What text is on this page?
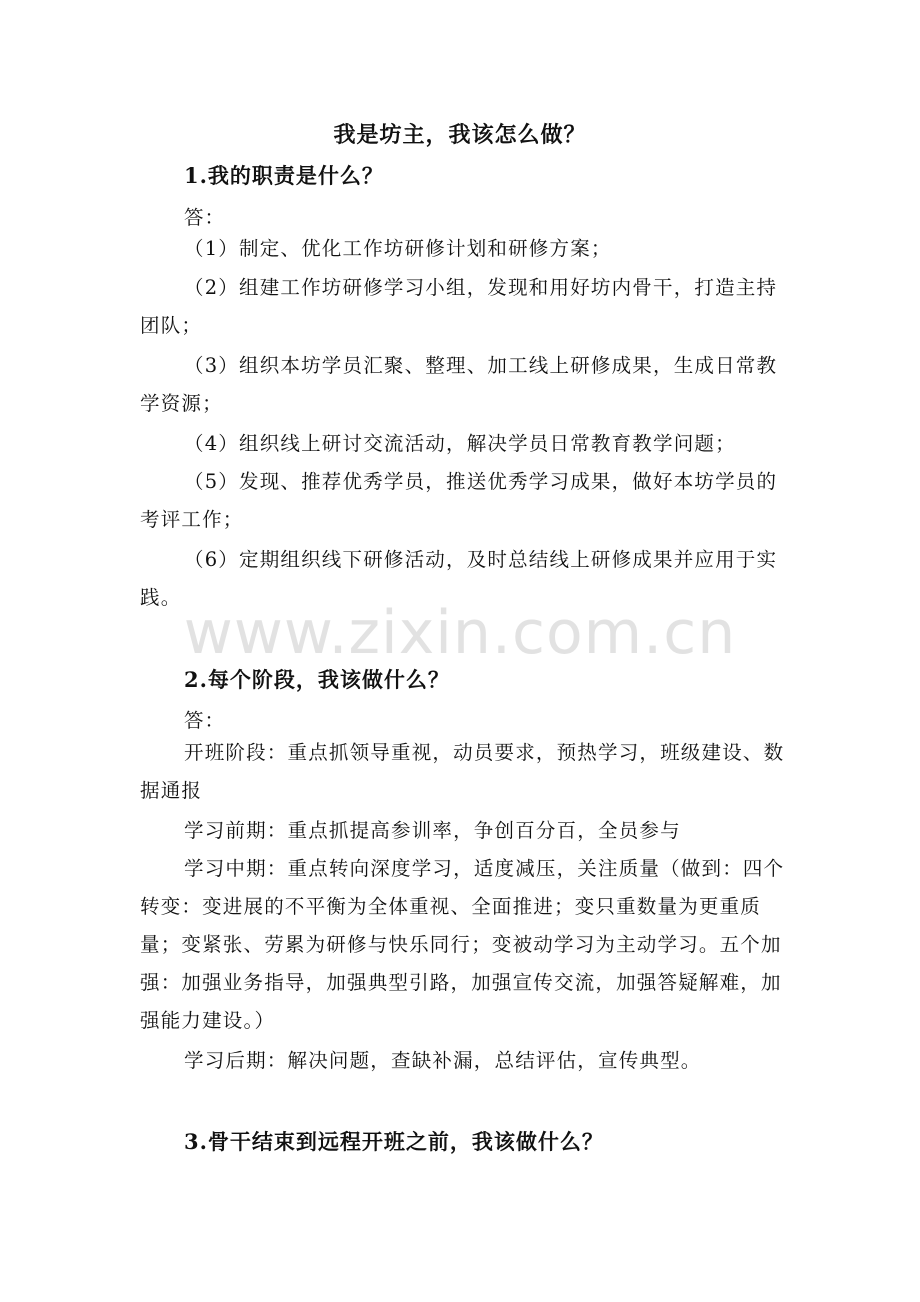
www.zixin.com.cn
我是坊主，我该怎么做？
1.我的职责是什么？
答：

（1）制定、优化工作坊研修计划和研修方案；

（2）组建工作坊研修学习小组，发现和用好坊内骨干，打造主持团队；

（3）组织本坊学员汇聚、整理、加工线上研修成果，生成日常教学资源；

（4）组织线上研讨交流活动，解决学员日常教育教学问题；

（5）发现、推荐优秀学员，推送优秀学习成果，做好本坊学员的考评工作；

（6）定期组织线下研修活动，及时总结线上研修成果并应用于实践。

2.每个阶段，我该做什么？
答：

开班阶段：重点抓领导重视，动员要求，预热学习，班级建设、数据通报

学习前期：重点抓提高参训率，争创百分百，全员参与

学习中期：重点转向深度学习，适度减压，关注质量（做到：四个转变：变进展的不平衡为全体重视、全面推进；变只重数量为更重质量；变紧张、劳累为研修与快乐同行；变被动学习为主动学习。五个加强：加强业务指导，加强典型引路，加强宣传交流，加强答疑解难，加强能力建设。）

学习后期：解决问题，查缺补漏，总结评估，宣传典型。

3.骨干结束到远程开班之前，我该做什么？
